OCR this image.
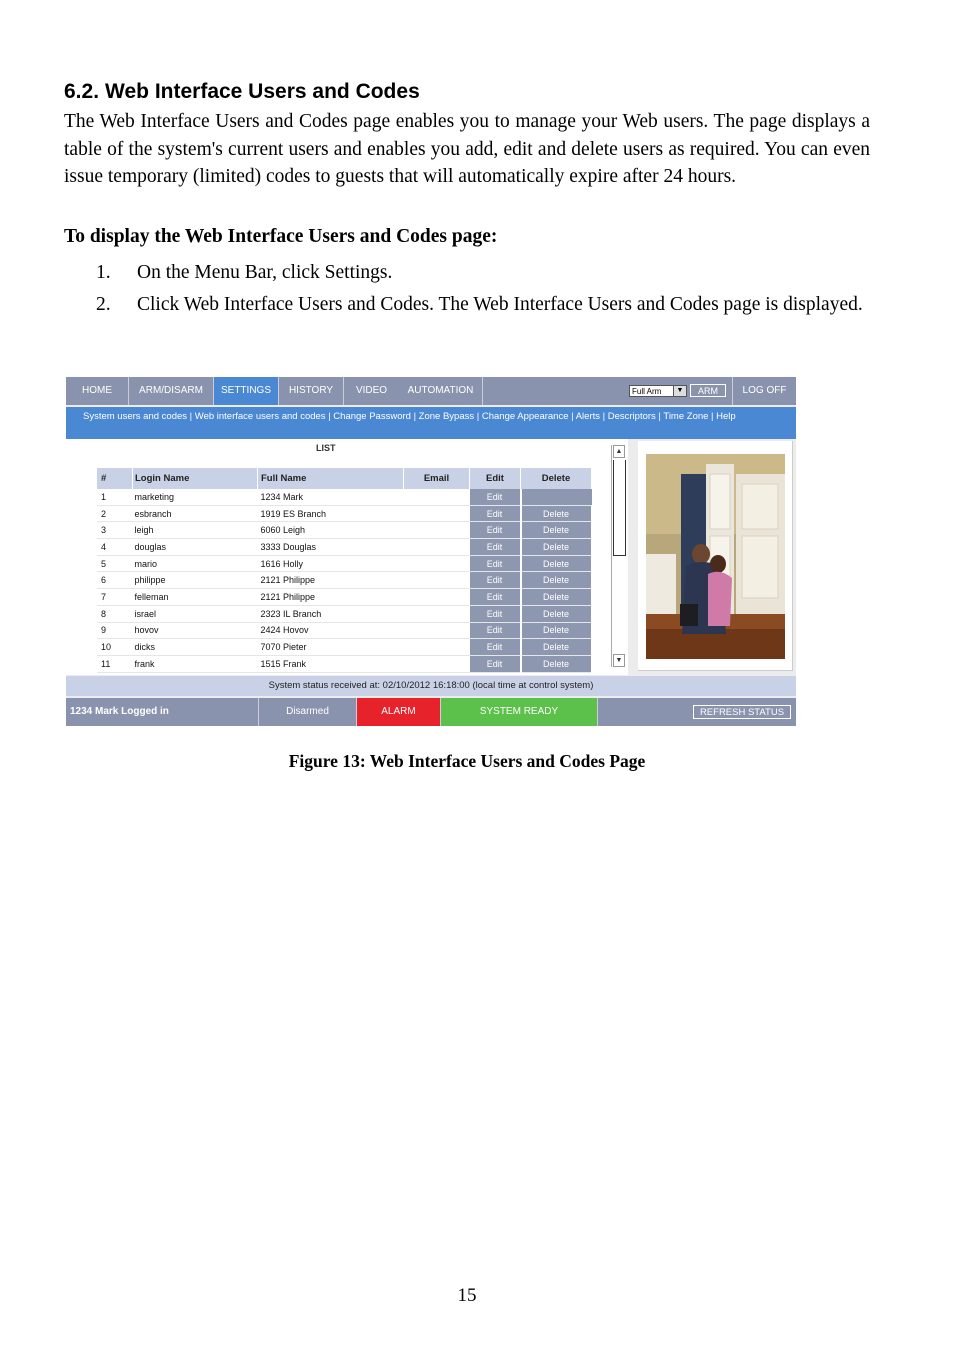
6.2. Web Interface Users and Codes
The Web Interface Users and Codes page enables you to manage your Web users. The page displays a table of the system's current users and enables you add, edit and delete users as required. You can even issue temporary (limited) codes to guests that will automatically expire after 24 hours.
To display the Web Interface Users and Codes page:
1. On the Menu Bar, click Settings.
2. Click Web Interface Users and Codes. The Web Interface Users and Codes page is displayed.
HOME	ARM/DISARM	SETTINGS	HISTORY	VIDEO	AUTOMATION	Full Arm	▼	ARM	LOG OFF
System users and codes | Web interface users and codes | Change Password | Zone Bypass | Change Appearance | Alerts | Descriptors | Time Zone | Help
LIST
#	Login Name	Full Name	Email	Edit	Delete
1	marketing	1234 Mark		Edit	
2	esbranch	1919 ES Branch		Edit	Delete
3	leigh	6060 Leigh		Edit	Delete
4	douglas	3333 Douglas		Edit	Delete
5	mario	1616 Holly		Edit	Delete
6	philippe	2121 Philippe		Edit	Delete
7	felleman	2121 Philippe		Edit	Delete
8	israel	2323 IL Branch		Edit	Delete
9	hovov	2424 Hovov		Edit	Delete
10	dicks	7070 Pieter		Edit	Delete
11	frank	1515 Frank		Edit	Delete
▲
▼
System status received at: 02/10/2012 16:18:00 (local time at control system)
1234 Mark Logged in	Disarmed	ALARM	SYSTEM READY	REFRESH STATUS
Figure 13: Web Interface Users and Codes Page
15
